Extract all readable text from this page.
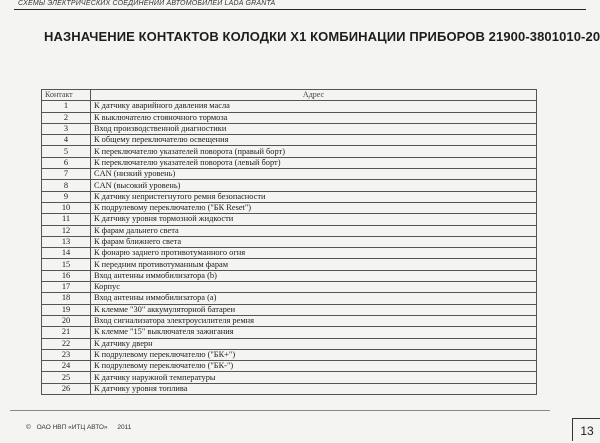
СХЕМЫ ЭЛЕКТРИЧЕСКИХ СОЕДИНЕНИЙ АВТОМОБИЛЕЙ LADA GRANTA
НАЗНАЧЕНИЕ КОНТАКТОВ КОЛОДКИ Х1 КОМБИНАЦИИ ПРИБОРОВ 21900-3801010-20
Контакт	Адрес
1	К датчику аварийного давления масла
2	К выключателю стояночного тормоза
3	Вход производственной диагностики
4	К общему переключателю освещения
5	К переключателю указателей поворота (правый борт)
6	К переключателю указателей поворота (левый борт)
7	CAN (низкий уровень)
8	CAN (высокий уровень)
9	К датчику непристегнутого ремня безопасности
10	К подрулевому переключателю ("БК Reset")
11	К датчику уровня тормозной жидкости
12	К фарам дальнего света
13	К фарам ближнего света
14	К фонарю заднего противотуманного огня
15	К передним противотуманным фарам
16	Вход антенны иммобилизатора (b)
17	Корпус
18	Вход антенны иммобилизатора (а)
19	К клемме "30" аккумуляторной батареи
20	Вход сигнализатора электроусилителя ремня
21	К клемме "15" выключателя зажигания
22	К датчику дверн
23	К подрулевому переключателю ("БК+")
24	К подрулевому переключателю ("БК-")
25	К датчику наружной температуры
26	К датчику уровня топлива
© ОАО НВП «ИТЦ АВТО» 2011	13
